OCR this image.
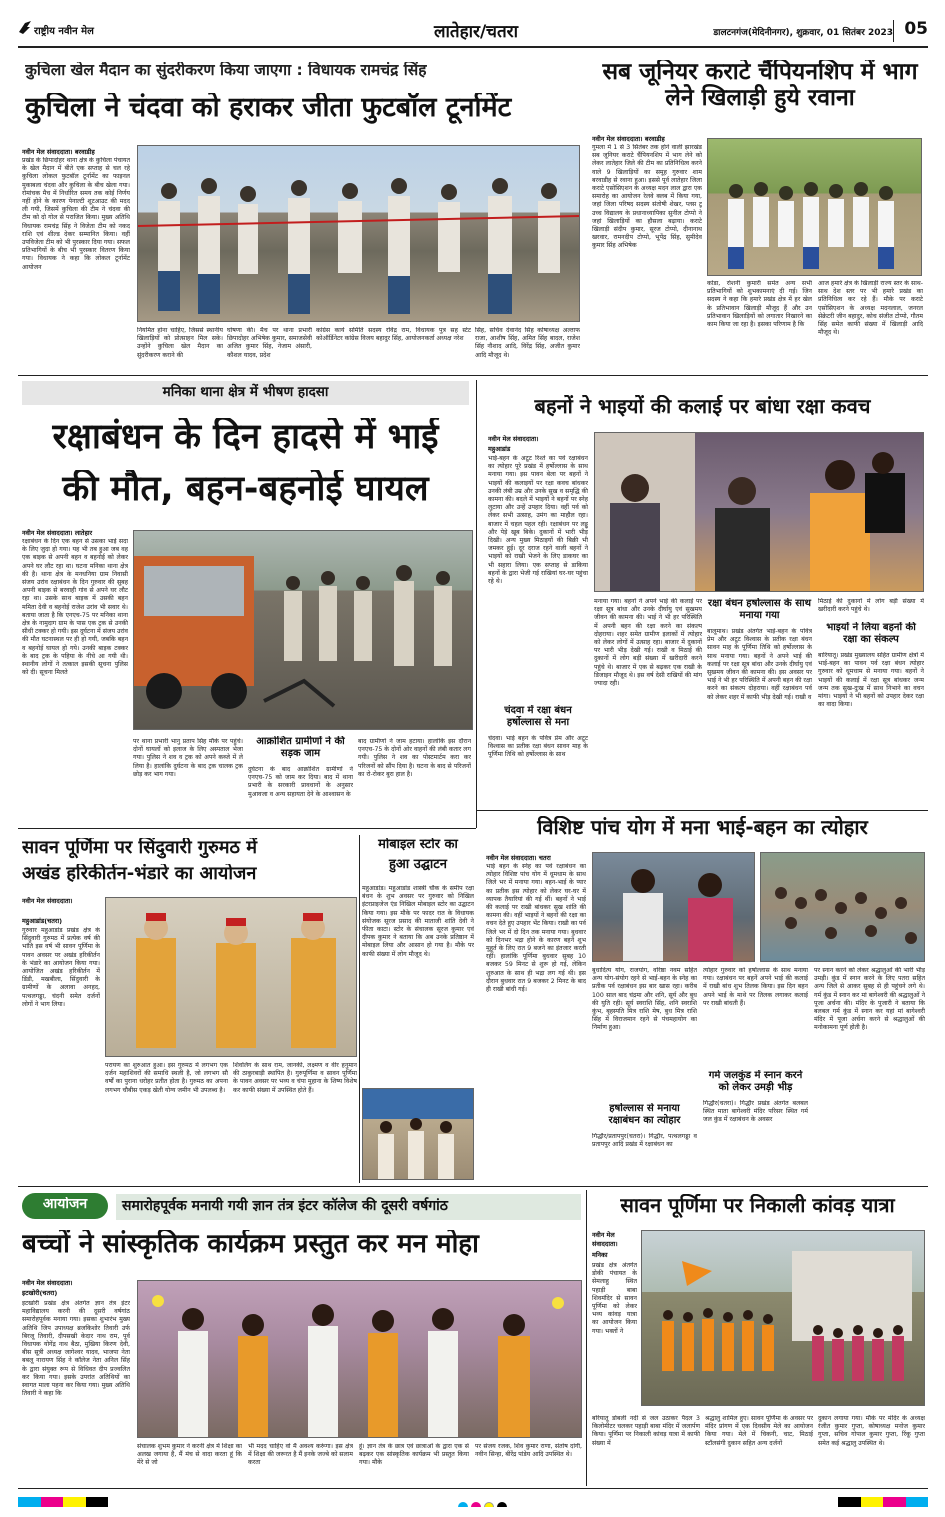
राष्ट्रीय नवीन मेल	लातेहार/चतरा	डालटनगंज(मेदिनीनगर), शुक्रवार, 01 सितंबर 2023 05
कुचिला खेल मैदान का सुंदरीकरण किया जाएगा : विधायक रामचंद्र सिंह
कुचिला ने चंदवा को हराकर जीता फुटबॉल टूर्नामेंट
नवीन मेल संवाददाता। बरवाडीह
प्रखंड के छिपादोहर थाना क्षेत्र के कुचिला पंचायत के खेल मैदान में बीते एक सप्ताह से चल रहे कुचिला लोकल फुटबॉल टूर्नामेंट का फाइनल मुकाबला चंदवा और कुचिला के बीच खेला गया। रोमांचक मैच में निर्धारित समय तक कोई निर्णय नहीं होने के कारण पेनाल्टी शूटआउट की मदद ली गयी, जिसमें कुचिला की टीम ने चंदवा की टीम को दो गोल से पराजित किया। मुख्य अतिथि विधायक रामचंद्र सिंह ने विजेता टीम को नकद राशि एवं शील्ड देकर सम्मानित किया। वहीं उपविजेता टीम को भी पुरस्कार दिया गया। सफल प्रतिभागियों के बीच भी पुरस्कार वितरण किया गया। विधायक ने कहा कि लोकल टूर्नामेंट आयोजन
नियमित होना चाहिए, जिससे स्थानीय खिलाड़ियों को प्रोत्साहन मिल सके। उन्होंने कुचिला खेल मैदान का सुंदरीकरण कराने की
घोषणा की। मैच पर थाना प्रभारी छिपादोहर अभिषेक कुमार, समाजसेवी अजित कुमार सिंह, नेजाम अंसारी, कौशल यादव, प्रदेश
कांग्रेस कार्य समिति सदस्य रविंद्र राम, विधायक पुत्र सह स्टेट कोऑर्डिनेटर कांग्रेस विजय बहादुर सिंह, आयोजनकर्ता अध्यक्ष नरेश
सिंह, सचिव देवानंद सिंह कोषाध्यक्ष अल्ताफ राजा, आशीष सिंह, अमित सिंह बादल, राजेश सिंह नौशाद आदि, विरेंद्र सिंह, अजीत कुमार आदि मौजूद थे।
सब जूनियर कराटे चैंपियनशिप में भाग लेने खिलाड़ी हुये रवाना
नवीन मेल संवाददाता। बरवाडीह
गुमला में 1 से 3 सितंबर तक होने वाली झारखंड सब जूनियर कराटे चैंपियनशिप में भाग लेने को लेकर लातेहार जिले की टीम का प्रतिनिधित्व करने वाले 9 खिलाड़ियों का समूह गुरुवार शाम बरवाडीह से रवाना हुआ। इससे पूर्व लातेहार जिला कराटे एसोसिएशन के अध्यक्ष मदन लाल द्वारा एक समारोह का आयोजन रेलवे क्लब में किया गया, जहां जिला परिषद सदस्य संतोषी शेखर, प्लस टू उच्च विद्यालय के प्रधानाध्यापिका सुनील टोप्पो ने जहां खिलाड़ियों का हौसला बढ़ाया। कराटे खिलाड़ी संदीप कुमार, सूरज टोप्पो, दीनानाथ खरवार, रामनदीप टोप्पो, भूपेंद्र सिंह, सुमीदेव कुमार सिंह अभिषेक
कोडा, रोशनी कुमारी समेत अन्य सभी प्रतिभागियों को शुभकामनाएं दी गई। जिन सदस्य ने कहा कि हमारे प्रखंड क्षेत्र में हर खेल के प्रतिभावान खिलाड़ी मौजूद हैं और उन प्रतिभावान खिलाड़ियों को लगातार निखारने का काम किया जा रहा है। इसका परिणाम है कि
आज हमारे क्षेत्र के खिलाड़ी राज्य स्तर के साथ-साथ देश स्तर पर भी हमारे प्रखंड का प्रतिनिधित्व कर रहे हैं। मौके पर कराटे एसोसिएशन के अध्यक्ष मदनलाल, जनरल सेक्रेटरी जीन बहादुर, कोच संजीत टोप्पो, गौतम सिंह समेत काफी संख्या में खिलाड़ी आदि मौजूद थे।
मनिका थाना क्षेत्र में भीषण हादसा
रक्षाबंधन के दिन हादसे में भाई
की मौत, बहन-बहनोई घायल
नवीन मेल संवाददाता। लातेहार
रक्षाबंधन के दिन एक बहन से उसका भाई सदा के लिए जुदा हो गया। यह भी तब हुआ जब वह एक बाइक से अपनी बहन व बहनोई को लेकर अपने घर लौट रहा था। घटना मनिका थाना क्षेत्र की है। थाना क्षेत्र के मनधनिया ग्राम निवासी संजय उरांव रक्षाबंधन के दिन गुरुवार की सुबह अपनी बाइक से बरवाही गांव से अपने घर लौट रहा था। उसके साथ बाइक में उसकी बहन ममिता देवी व बहनोई राजेश उरांव भी सवार थे। बताया जाता है कि एनएच-75 पर मनिका थाना क्षेत्र के नामुदाग ग्राम के पास एक ट्रक से उनकी सीधी टक्कर हो गयी। इस दुर्घटना में संजय उरांव की मौत घटनास्थल पर ही हो गयी, जबकि बहन व बहनोई घायल हो गये। उनकी बाइक टक्कर के बाद ट्रक के पहिया के नीचे आ गयी थी। स्थानीय लोगों ने तत्काल इसकी सूचना पुलिस को दी। सूचना मिलते
पर थाना प्रभारी भानु प्रताप सिंह मौके पर पहुंचे। दोनों घायलों को इलाज के लिए अस्पताल भेजा गया। पुलिस ने शव व ट्रक को अपने कब्जे में ले लिया है। हालांकि दुर्घटना के बाद ट्रक चालक ट्रक छोड़ कर भाग गया।
आक्रोशित ग्रामीणों ने की सड़क जाम
दुर्घटना के बाद आक्रोशित ग्रामीणों ने एनएच-75 को जाम कर दिया। बाद में थाना प्रभारी के सरकारी प्रावधानों के अनुसार मुआवजा व अन्य सहायता देने के आश्वासन के
बाद ग्रामीणों ने जाम हटाया। हालांकि इस दौरान एनएच-75 के दोनों ओर वाहनों की लंबी कतार लग गयी। पुलिस ने शव का पोस्टमार्टम करा कर परिजनों को सौंप दिया है। घटना के बाद से परिजनों का रो-रोकर बुरा हाल है।
बहनों ने भाइयों की कलाई पर बांधा रक्षा कवच
नवीन मेल संवाददाता।
महुआडांड
भाई-बहन के अटूट रिश्ते का पर्व रक्षाबंधन का त्योहार पूरे प्रखंड में हर्षोल्लास के साथ मनाया गया। इस पावन बेला पर बहनों ने भाइयों की कलाइयों पर रक्षा कवच बांधकर उनकी लंबी उम्र और उनके सुख व समृद्धि की कामना की। बदले में भाइयों ने बहनों पर स्नेह लुटाया और उन्हें उपहार दिया। वहीं पर्व को लेकर सभी उत्साह, उमंग का माहौल रहा। बाजार में चहल पहल रही। रक्षाबंधन पर लड्डू और पेड़े खूब बिके। दुकानों में भारी भीड़ दिखी। अन्य मुख्य मिठाइयों की बिक्री भी जमकर हुई। दूर दराज रहने वाली बहनों ने भाइयों को राखी भेजने के लिए डाकघर का भी सहारा लिया। एक सप्ताह से डाकिया बहनों के द्वारा भेजी गई राखियां घर-घर पहुंचा रहे थे।
चंदवा में रक्षा बंधन हर्षोल्लास से मना
चंदवा। भाई बहन के पवित्र प्रेम और अटूट विश्वास का प्रतीक रक्षा बंधन सावन माह के पूर्णिमा तिथि को हर्षोल्लास के साथ
मनाया गया। बहनों ने अपने भाई की कलाई पर रक्षा सूत्र बांधा और उनके दीर्घायु एवं सुखमय जीवन की कामना की। भाई ने भी हर परिस्थिति में अपनी बहन की रक्षा करने का संकल्प दोहराया। शहर समेत ग्रामीण इलाकों में त्योहार को लेकर लोगों में उत्साह रहा। बाजार में दुकानों पर भारी भीड़ देखी गई। राखी व मिठाई की दुकानों में लोग बड़ी संख्या में खरीदारी करने पहुंचे थे। बाजार में एक से बढ़कर एक राखी के डिजाइन मौजूद थे। इस वर्ष देसी राखियों की मांग ज्यादा रही।
रक्षा बंधन हर्षोल्लास के साथ मनाया गया
बालूमाथ। प्रखंड अंतर्गत भाई-बहन के पवित्र प्रेम और अटूट विश्वास के प्रतीक रक्षा बंधन सावन माह के पूर्णिमा तिथि को हर्षोल्लास के साथ मनाया गया। बहनों ने अपने भाई की कलाई पर रक्षा सूत्र बांधा और उनके दीर्घायु एवं सुखमय जीवन की कामना की। इस अवसर पर भाई ने भी हर परिस्थिति में अपनी बहन की रक्षा करने का संकल्प दोहराया। वहीं रक्षाबंधन पर्व को लेकर शहर में काफी भीड़ देखी गई। राखी व
मिठाई की दुकानों में लोग बड़ी संख्या में खरीदारी करने पहुंचे थे।
भाइयों ने लिया बहनों की रक्षा का संकल्प
बारियातू। प्रखंड मुख्यालय सहित ग्रामीण क्षेत्रों में भाई-बहन का पावन पर्व रक्षा बंधन त्योहार गुरुवार को धूमधाम से मनाया गया। बहनों ने भाइयों की कलाई में रक्षा सूत्र बांधकर जन्म जन्म तक सुख-दुःख में साथ निभाने का वचन मांगा। भाइयों ने भी बहनों को उपहार देकर रक्षा का वादा किया।
विशिष्ट पांच योग में मना भाई-बहन का त्योहार
नवीन मेल संवाददाता। चतरा
भाई बहन के स्नेह का पर्व रक्षाबंधन का त्योहार विशिष्ट पांच योग में धूमधाम के साथ जिले भर में मनाया गया। बहन-भाई के प्यार का प्रतीक इस त्योहार को लेकर घर-घर में व्यापक तैयारियां की गई थीं। बहनों ने भाई की कलाई पर राखी बांधकर सुख शांति की कामना की। वहीं भाइयों ने बहनों की रक्षा का वचन देते हुए उपहार भेंट किया। राखी का पर्व जिले भर में दो दिन तक मनाया गया। बुधवार को दिनभर भद्रा होने के कारण बहनें शुभ मुहूर्त के लिए रात 9 बजने का इंतजार करती रहीं। हालांकि पूर्णिमा बुधवार सुबह 10 बजकर 59 मिनट से शुरू हो गई, लेकिन शुरुआत के साथ ही भद्रा लग गई थी। इस दौरान बुधवार रात 9 बजकर 2 मिनट के बाद ही राखी बांधी गई।
बुधादित्य योग, राजयोग, वरिष्ठा नवम सहित अन्य योग-संयोग रहने से भाई-बहन के स्नेह का प्रतीक पर्व रक्षाबंधन इस बार खास रहा। करीब 100 साल बाद चंद्रमा और शनि, सूर्य और बुध की युति रही। सूर्य स्वराशि सिंह, शनि स्वराशि कुंभ, बृहस्पति मित्र राशि मेष, बुध मित्र राशि सिंह में विराजमान रहने से पंचमहायोग का निर्माण हुआ।
हर्षोल्लास से मनाया रक्षाबंधन का त्योहार
गिद्धौर/प्रतापपुर(चतरा)। गिद्धौर, पत्थलगड्डा व प्रतापपुर आदि प्रखंड में रक्षाबंधन का
त्योहार गुरुवार को हर्षोल्लास के साथ मनाया गया। रक्षाबंधन पर बहनें अपने भाई की कलाई में राखी बांध शुभ तिलक किया। इस दिन बहन अपने भाई के माथे पर तिलक लगाकर कलाई पर राखी बांधती हैं।
गर्म जलकुंड में स्नान करने को लेकर उमड़ी भीड़
गिद्धौर(चतरा)। गिद्धौर प्रखंड अंतर्गत बलबल स्थित माता बागेश्वरी मंदिर परिसर स्थित गर्म जल कुंड में रक्षाबंधन के अवसर
पर स्नान करने को लेकर श्रद्धालुओं की भारी भीड़ उमड़ी। कुंड में स्नान करने के लिए पतरा सहित अन्य जिले से आकर सुबह से ही पहुंचने लगे थे। गर्म कुंड में स्नान कर मां बागेश्वरी की श्रद्धालुओं ने पूजा अर्चना की। मंदिर के पुजारी ने बताया कि बलबल गर्म कुंड में स्नान कर यहां मां बागेश्वरी मंदिर में पूजा अर्चना करने से श्रद्धालुओं की मनोकामना पूर्ण होती है।
सावन पूर्णिमा पर सिंदुवारी गुरुमठ में
अखंड हरिकीर्तन-भंडारे का आयोजन
नवीन मेल संवाददाता।
महुआडांड(चतरा)
गुरुवार महुआडांड प्रखंड क्षेत्र के सिंदुवारी गुरुमठ में प्रत्येक वर्ष की भांति इस वर्ष भी सावन पूर्णिमा के पावन अवसर पर अखंड हरिकीर्तन के भंडारे का आयोजन किया गया। आयोजित अखंड हरिकीर्तन में डिंडी, मखबीला, सिंदुवारी के ग्रामीणों के अलावा अनहद, पत्थलगड्डा, चंदनी समेत दर्जनों लोगों ने भाग लिया।
परायण का शुरुआत हुआ। इस गुरुमठ में लगभग एक दर्जन महाशिवरों की समाधि स्थली है, जो लगभग सौ वर्षों का पुराना धरोहर प्रतीत होता है। गुरुमठ का अपना लगभग चौबीस एकड़ खेती योग्य जमीन भी उपलब्ध है।
शिवलिंग के साथ राम, जानकी, लक्ष्मण व वीर हनुमान की ठाकुरबाड़ी स्थापित है। गुरुपूर्णिमा व सावन पूर्णिमा के पावन अवसर पर भव्य व चंपा मुहाना के शिष्य विशेष कर काफी संख्या में उपस्थित होते हैं।
मोबाइल स्टोर का
हुआ उद्घाटन
महुआडांड। महुआडांड शास्त्री चौक के समीप रक्षा बंधन के शुभ अवसर पर गुरुवार को निखिल इंटरप्राइजेज एंड निखिल मोबाइल स्टोर का उद्घाटन किया गया। इस मौके पर फादर रात के विधायक संयोजक सूरज प्रसाद की माताजी शांति देवी ने फीता काटा। स्टोर के संचालक सूरज कुमार एवं दीपक कुमार ने बताया कि अब उनके प्रतिष्ठान में मोबाइल लिया और आसान हो गया है। मौके पर काफी संख्या में लोग मौजूद थे।
आयोजन	समारोहपूर्वक मनायी गयी ज्ञान तंत्र इंटर कॉलेज की दूसरी वर्षगांठ
बच्चों ने सांस्कृतिक कार्यक्रम प्रस्तुत कर मन मोहा
नवीन मेल संवाददाता।
इटखोरी(चतरा)
इटखोरी प्रखंड क्षेत्र अंतर्गत ज्ञान तंत्र इंटर महाविद्यालय करनी की दूसरी वर्षगांठ समारोहपूर्वक मनाया गया। इसका शुभारंभ मुख्य अतिथि जिप उपाध्यक्ष ब्रजकिशोर तिवारी उर्फ बिरजू तिवारी, दीपसखी केदार नाथ राम, पूर्व विधायक योगेंद्र नाथ बैठा, मुखिया किरण देवी, बीस सूत्री अध्यक्ष जागेश्वर यादव, भाजपा नेता बबलू नारायण सिंह ने कॉलेज नेता अनिल सिंह के द्वारा संयुक्त रूप से विधिवत दीप प्रज्वलित कर किया गया। इसके उपरांत अतिथियों का स्वागत माला पहना कर किया गया। मुख्य अतिथि तिवारी ने कहा कि
संचालक शुभम कुमार ने करनी क्षेत्र में शिक्षा का अलख जगाया है, मैं मंच से वादा करता हूं कि मेरे से जो
भी मदद चाहिए वो मैं अवश्य करूंगा। इस क्षेत्र में शिक्षा की जरूरत है मैं इनके जज्बे को सलाम करता
हूं। ज्ञान तंत्र के छात्र एवं छात्राओं के द्वारा एक से बढ़कर एक सांस्कृतिक कार्यक्रम भी प्रस्तुत किया गया। मौके
पर संजय रजक, शिव कुमार राणा, संतोष दांगी, नवीन सिन्हा, बीरेंद्र पांडेय आदि उपस्थित थे।
सावन पूर्णिमा पर निकाली कांवड़ यात्रा
नवीन मेल संवाददाता।
मनिका
प्रखंड क्षेत्र अंतर्गत डोकी पंचायत के सेमलाहु स्थित पहाड़ी बाबा शिवमंदिर से सावन पूर्णिमा को लेकर भव्य कांवड़ यात्रा का आयोजन किया गया। भक्तों ने
बरियातू डोबली नदी से जल उठाकर पैदल 3 किलोमीटर चलकर पहाड़ी बाबा मंदिर में जलार्पण किया। पूर्णिमा पर निकाली कांवड़ यात्रा में काफी संख्या में
श्रद्धालु शामिल हुए। सावन पूर्णिमा के अवसर पर मंदिर प्रांगण में एक दिवसीय मेले का आयोजन किया गया। मेले में चिकनी, चाट, मिठाई स्टॉलसंगी दुकान सहित अन्य दर्जनों
दुकान लगाया गया। मौके पर मंदिर के अध्यक्ष रंजीत कुमार गुप्ता, कोषाध्यक्ष मनोज कुमार गुप्ता, सचिव गोपाल कुमार गुप्ता, रिंकू गुप्ता समेत कई श्रद्धालु उपस्थित थे।
